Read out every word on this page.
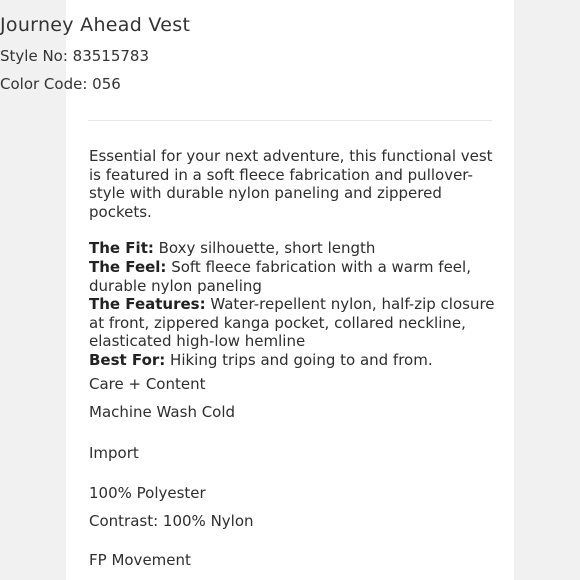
Journey Ahead Vest
Style No: 83515783
Color Code: 056

Essential for your next adventure, this functional vest is featured in a soft fleece fabrication and pullover-style with durable nylon paneling and zippered pockets.

The Fit: Boxy silhouette, short length

The Feel: Soft fleece fabrication with a warm feel, durable nylon paneling

The Features: Water-repellent nylon, half-zip closure at front, zippered kanga pocket, collared neckline, elasticated high-low hemline

Best For: Hiking trips and going to and from.

Care + Content
Machine Wash Cold
Import
100% Polyester
Contrast: 100% Nylon
FP Movement
